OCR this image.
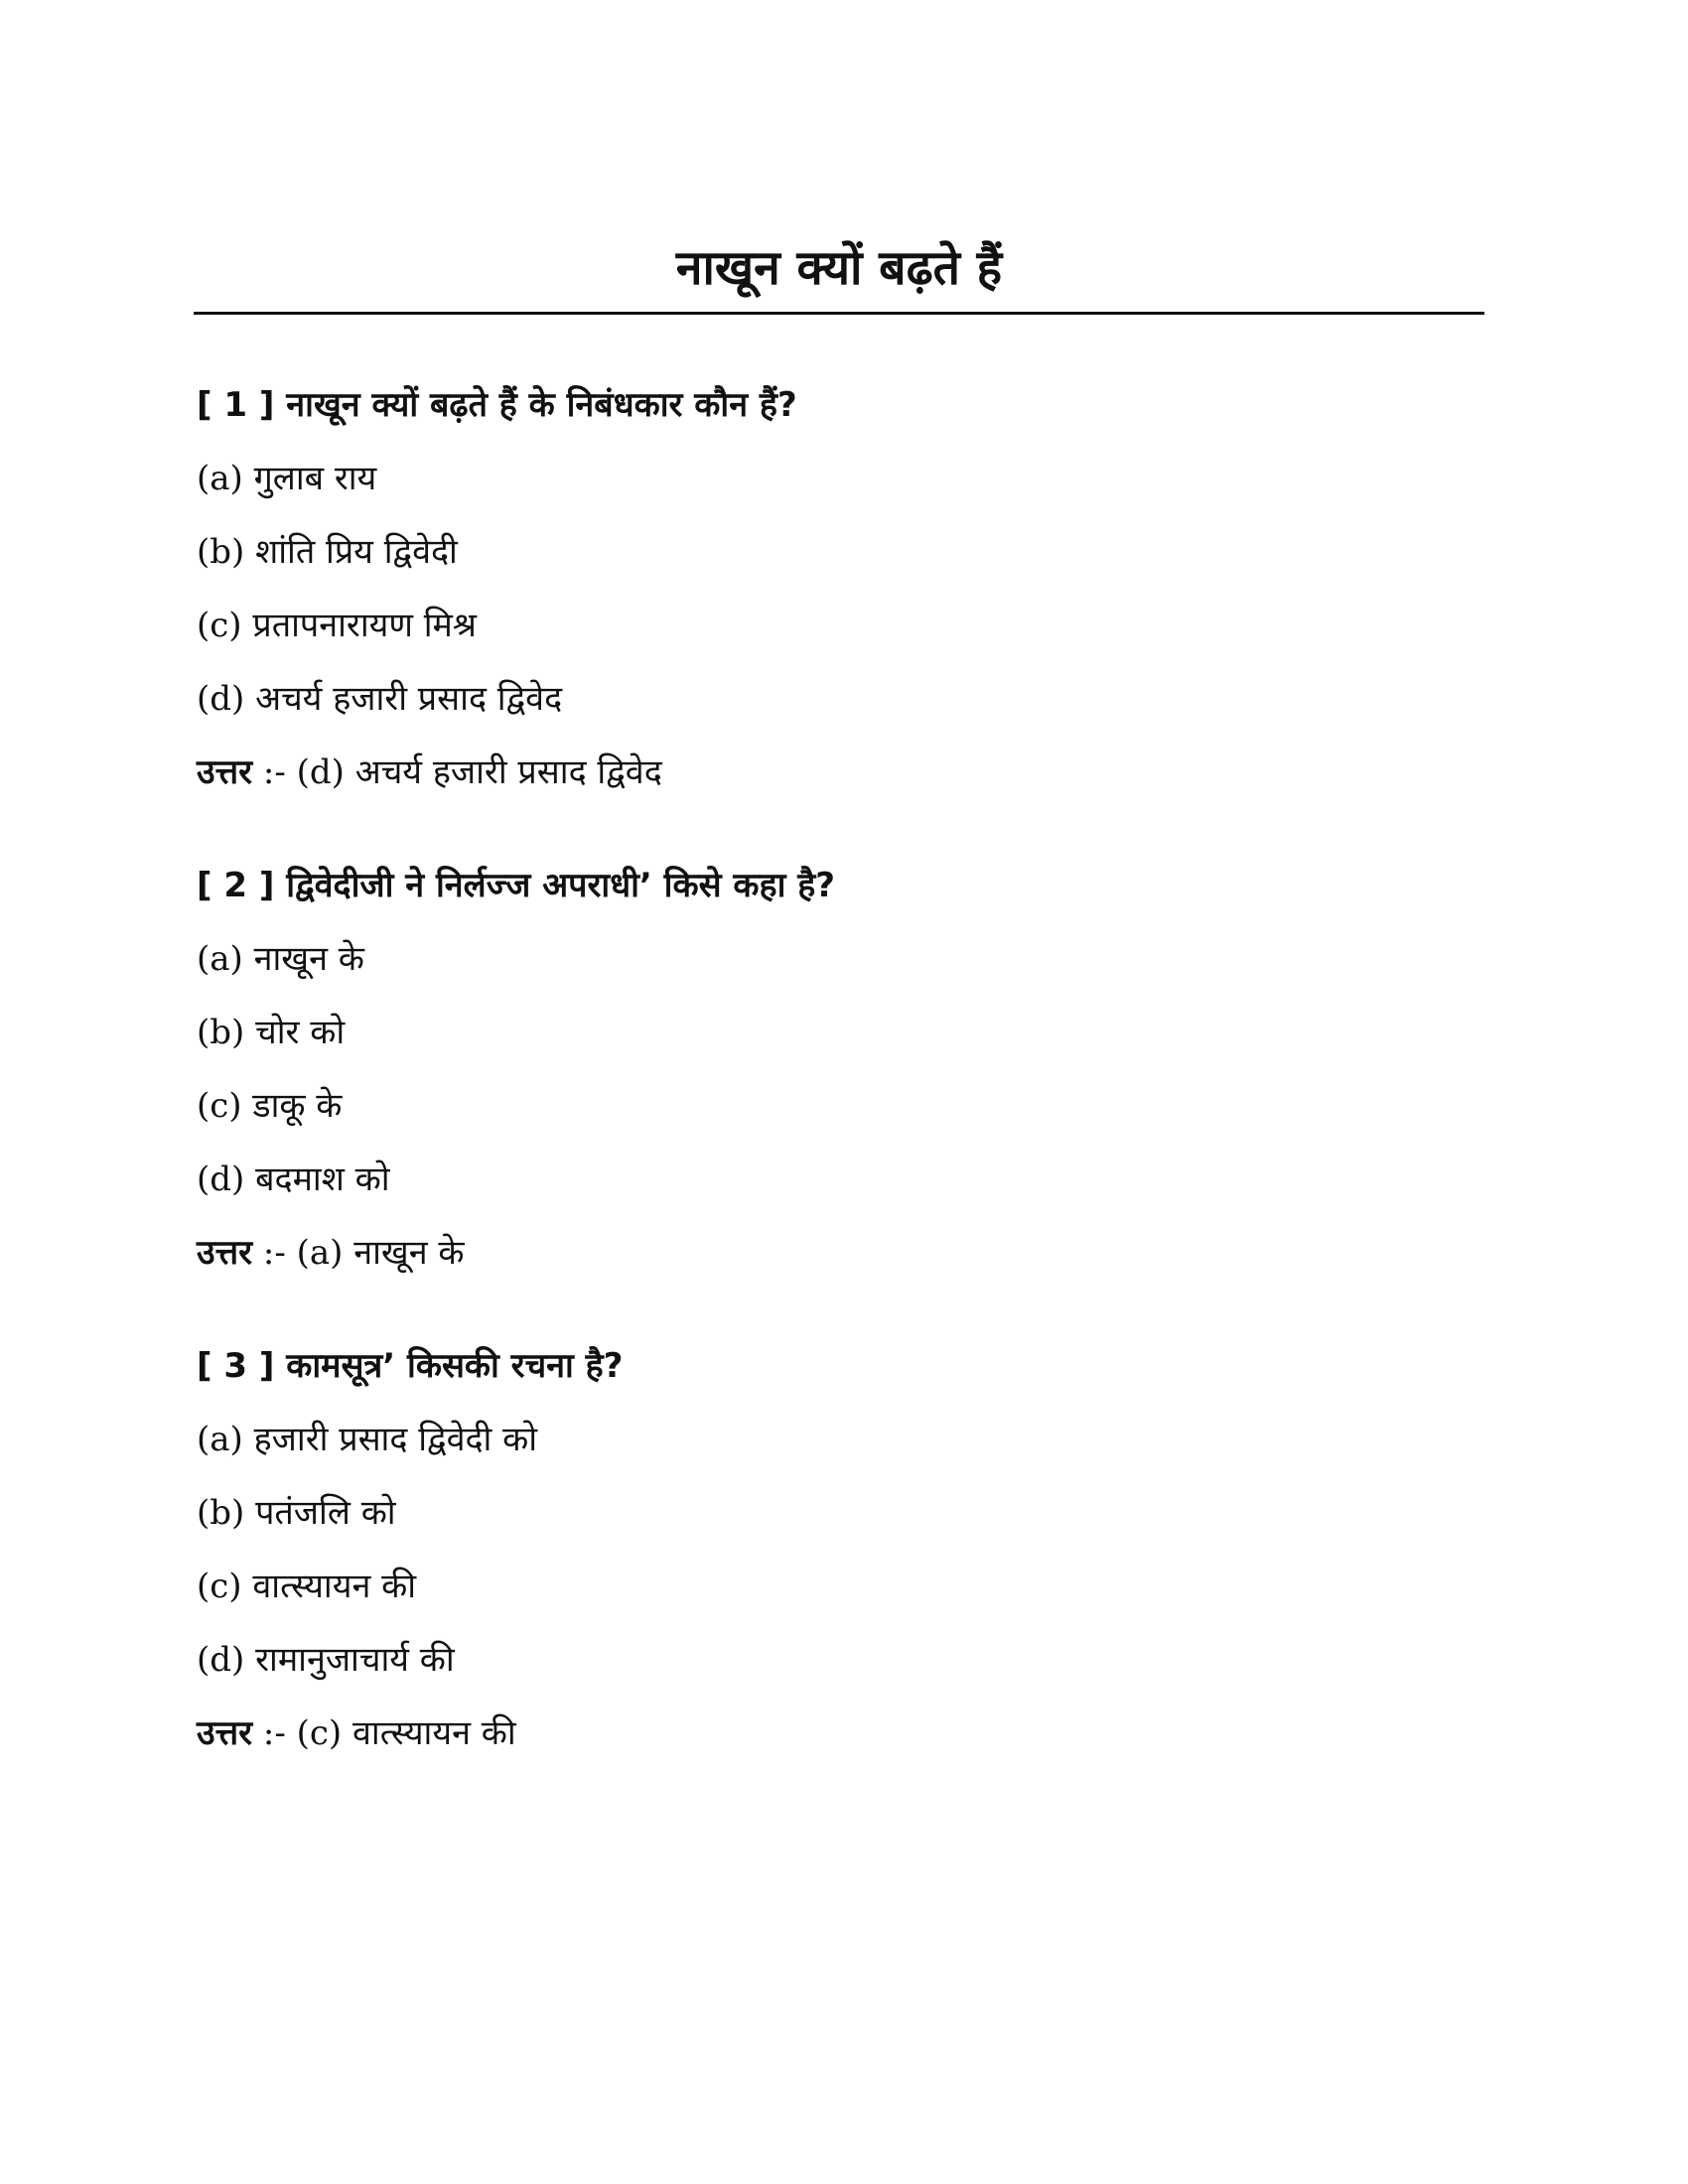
नाखून क्यों बढ़ते हैं
[ 1 ] नाखून क्यों बढ़ते हैं के निबंधकार कौन हैं?
(a) गुलाब राय
(b) शांति प्रिय द्विवेदी
(c) प्रतापनारायण मिश्र
(d) अचर्य हजारी प्रसाद द्विवेद
उत्तर :- (d) अचर्य हजारी प्रसाद द्विवेद
[ 2 ] द्विवेदीजी ने निर्लज्ज अपराधी’ किसे कहा है?
(a) नाखून के
(b) चोर को
(c) डाकू के
(d) बदमाश को
उत्तर :- (a) नाखून के
[ 3 ] कामसूत्र’ किसकी रचना है?
(a) हजारी प्रसाद द्विवेदी को
(b) पतंजलि को
(c) वात्स्यायन की
(d) रामानुजाचार्य की
उत्तर :- (c) वात्स्यायन की
